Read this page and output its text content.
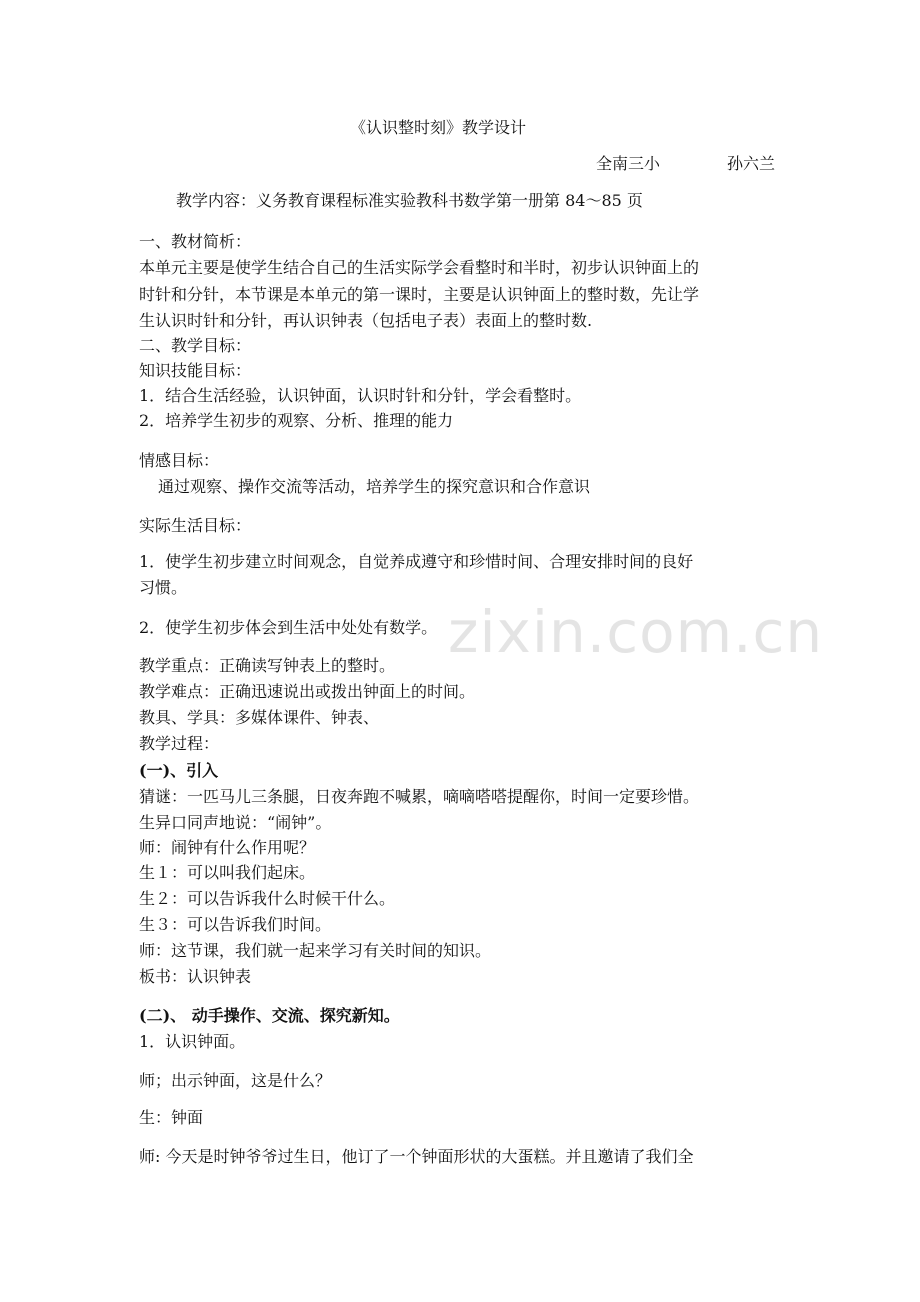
zixin.com.cn
《认识整时刻》教学设计
全南三小	孙六兰
教学内容：义务教育课程标准实验教科书数学第一册第 84～85 页
一、教材简析：
本单元主要是使学生结合自己的生活实际学会看整时和半时，初步认识钟面上的
时针和分针，本节课是本单元的第一课时，主要是认识钟面上的整时数，先让学
生认识时针和分针，再认识钟表（包括电子表）表面上的整时数.
二、教学目标：
知识技能目标：
1．结合生活经验，认识钟面，认识时针和分针，学会看整时。
2．培养学生初步的观察、分析、推理的能力
情感目标：
通过观察、操作交流等活动，培养学生的探究意识和合作意识
实际生活目标：
1．使学生初步建立时间观念，自觉养成遵守和珍惜时间、合理安排时间的良好
习惯。
2．使学生初步体会到生活中处处有数学。
教学重点：正确读写钟表上的整时。
教学难点：正确迅速说出或拨出钟面上的时间。
教具、学具：多媒体课件、钟表、
教学过程：
(一)、引入
猜谜：一匹马儿三条腿，日夜奔跑不喊累，嘀嘀嗒嗒提醒你，时间一定要珍惜。
生异口同声地说：“闹钟”。
师：闹钟有什么作用呢？
生１：可以叫我们起床。
生２：可以告诉我什么时候干什么。
生３：可以告诉我们时间。
师：这节课，我们就一起来学习有关时间的知识。
板书：认识钟表
(二)、 动手操作、交流、探究新知。
1．认识钟面。
师；出示钟面，这是什么？
生：钟面
师: 今天是时钟爷爷过生日，他订了一个钟面形状的大蛋糕。并且邀请了我们全
